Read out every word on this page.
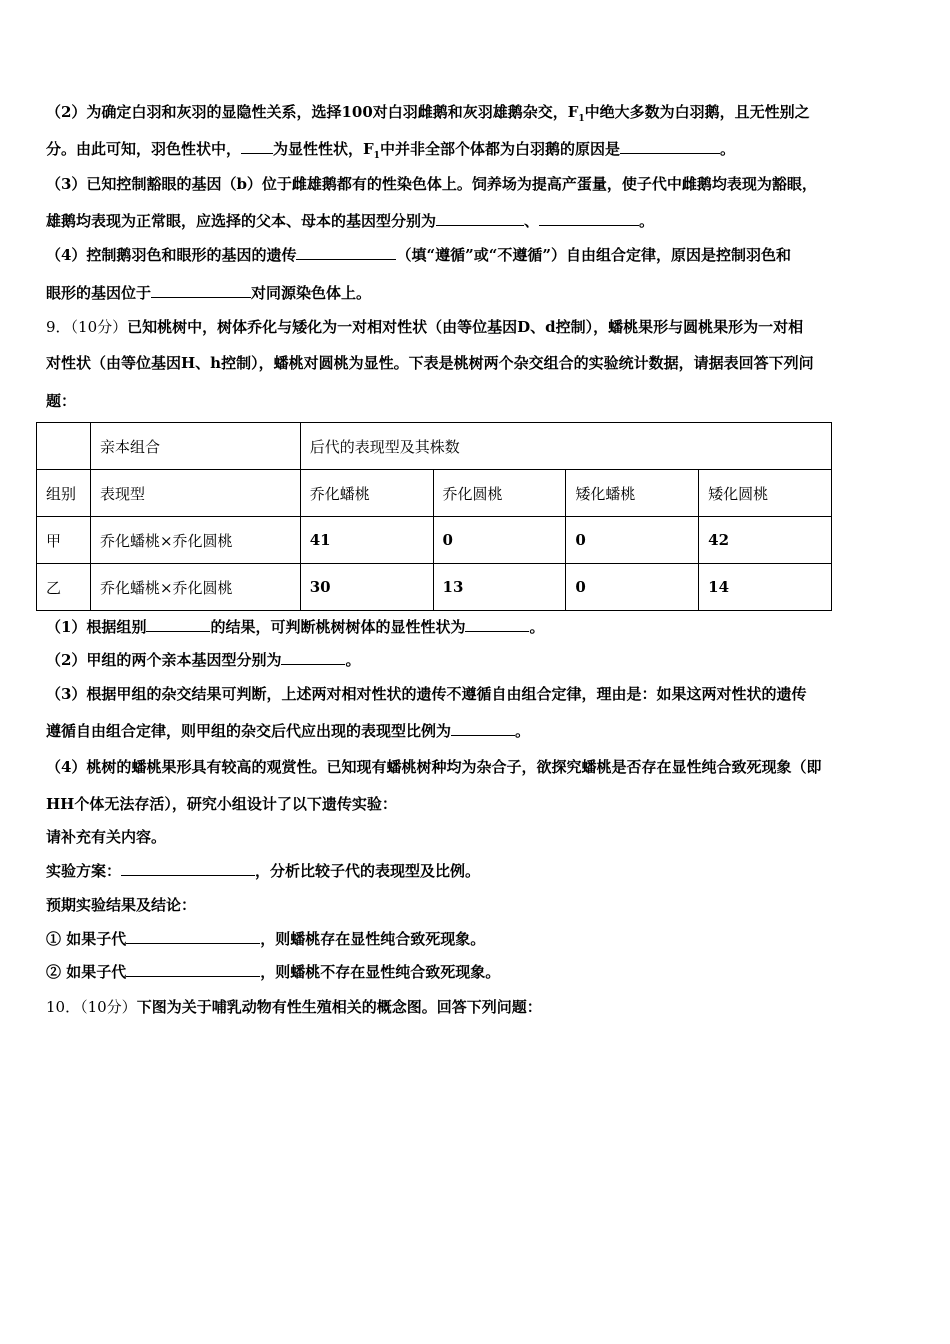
（2）为确定白羽和灰羽的显隐性关系，选择100对白羽雌鹅和灰羽雄鹅杂交，$F_1$中绝大多数为白羽鹅，且无性别之
分。由此可知，羽色性状中， 为显性性状，$F_1$中并非全部个体都为白羽鹅的原因是	。
（3）已知控制豁眼的基因（b）位于雌雄鹅都有的性染色体上。饲养场为提高产蛋量，使子代中雌鹅均表现为豁眼，
雄鹅均表现为正常眼，应选择的父本、母本的基因型分别为	、	。
（4）控制鹅羽色和眼形的基因的遗传	（填“遵循”或“不遵循”）自由组合定律，原因是控制羽色和
眼形的基因位于	对同源染色体上。
9．（10分）已知桃树中，树体乔化与矮化为一对相对性状（由等位基因D、d控制），蟠桃果形与圆桃果形为一对相
对性状（由等位基因H、h控制），蟠桃对圆桃为显性。下表是桃树两个杂交组合的实验统计数据，请据表回答下列问
题：
	亲本组合	后代的表现型及其株数			
组别	表现型	乔化蟠桃	乔化圆桃	矮化蟠桃	矮化圆桃
甲	乔化蟠桃×乔化圆桃	41	0	0	42
乙	乔化蟠桃×乔化圆桃	30	13	0	14
（1）根据组别	的结果，可判断桃树树体的显性性状为	。
（2）甲组的两个亲本基因型分别为	。
（3）根据甲组的杂交结果可判断，上述两对相对性状的遗传不遵循自由组合定律，理由是：如果这两对性状的遗传
遵循自由组合定律，则甲组的杂交后代应出现的表现型比例为	。
（4）桃树的蟠桃果形具有较高的观赏性。已知现有蟠桃树种均为杂合子，欲探究蟠桃是否存在显性纯合致死现象（即
HH个体无法存活），研究小组设计了以下遗传实验：
请补充有关内容。
实验方案：	，分析比较子代的表现型及比例。
预期实验结果及结论：
① 如果子代	，则蟠桃存在显性纯合致死现象。
② 如果子代	，则蟠桃不存在显性纯合致死现象。
10．（10分）下图为关于哺乳动物有性生殖相关的概念图。回答下列问题：
